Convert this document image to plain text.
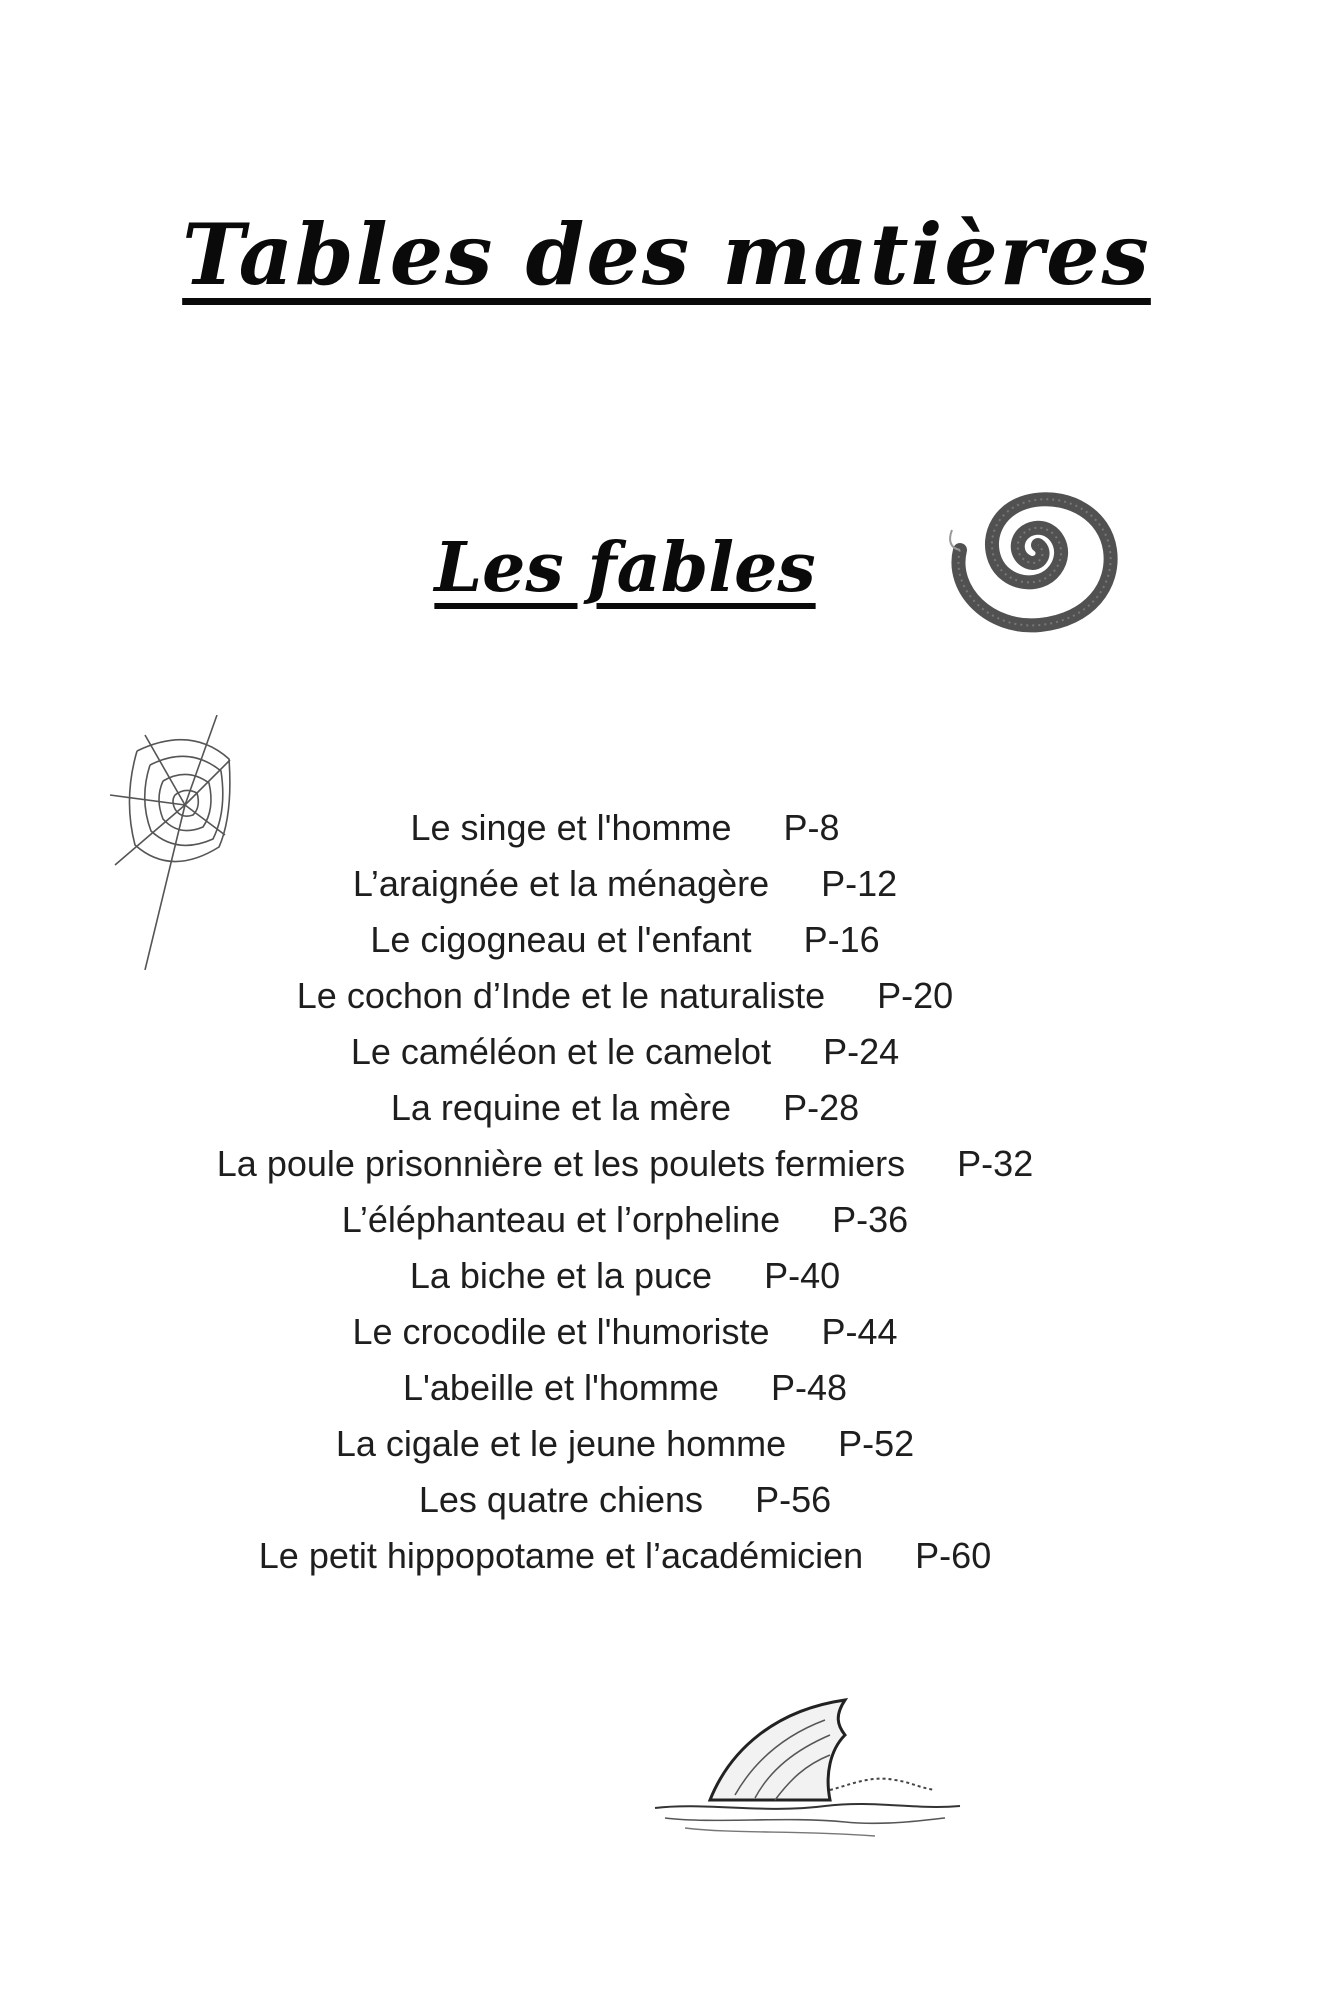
Tables des matières
Les fables
Le singe et l'homme P-8
L’araignée et la ménagère P-12
Le cigogneau et l'enfant P-16
Le cochon d’Inde et le naturaliste P-20
Le caméléon et le camelot P-24
La requine et la mère P-28
La poule prisonnière et les poulets fermiers P-32
L’éléphanteau et l’orpheline P-36
La biche et la puce P-40
Le crocodile et l'humoriste P-44
L'abeille et l'homme P-48
La cigale et le jeune homme P-52
Les quatre chiens P-56
Le petit hippopotame et l’académicien P-60
